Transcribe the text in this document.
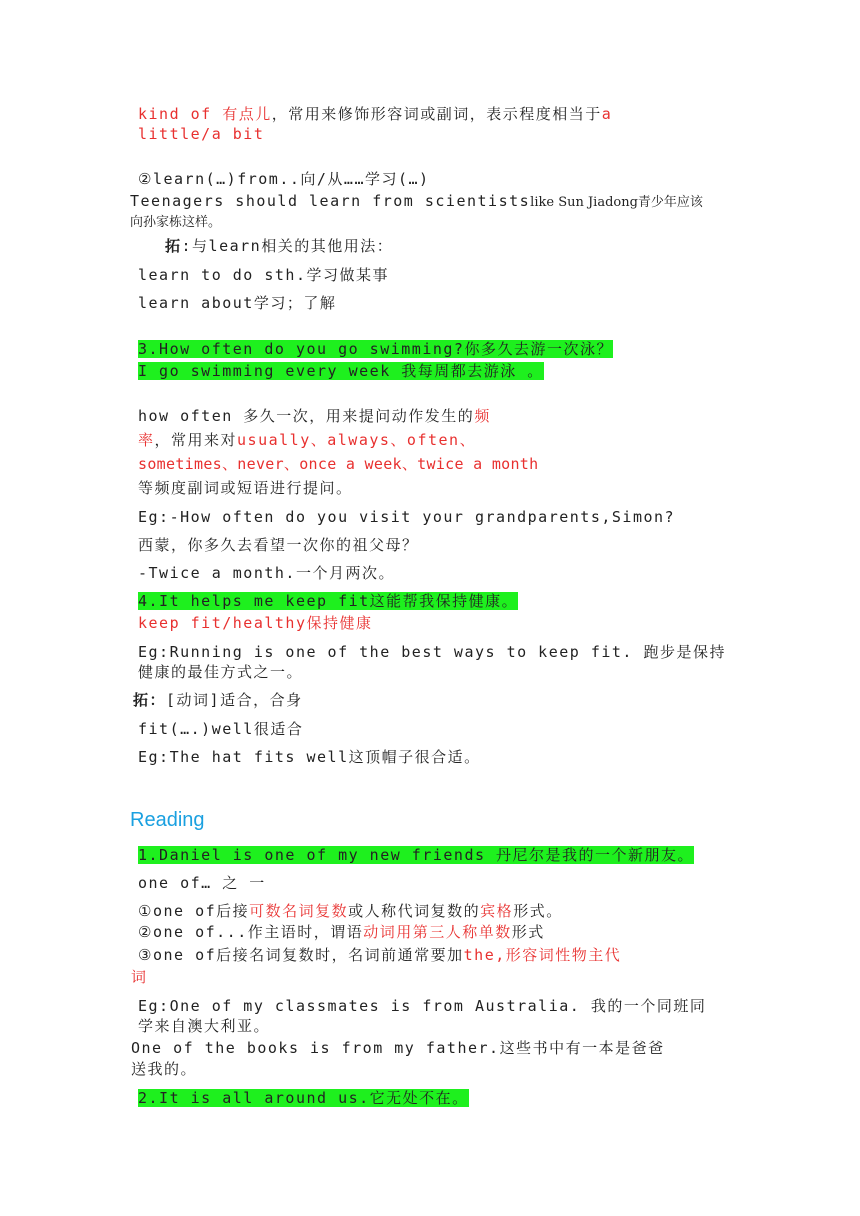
kind of 有点儿，常用来修饰形容词或副词，表示程度相当于a
little/a bit
②learn(…)from..向/从……学习(…)
Teenagers should learn from scientistslike Sun Jiadong青少年应该
向孙家栋这样。
拓:与learn相关的其他用法：
learn to do sth.学习做某事
learn about学习；了解
3.How often do you go swimming?你多久去游一次泳？
I go swimming every week 我每周都去游泳 。
how often 多久一次，用来提问动作发生的频
率，常用来对usually、always、often、
sometimes、never、once a week、twice a month
等频度副词或短语进行提问。
Eg:-How often do you visit your grandparents,Simon?
西蒙，你多久去看望一次你的祖父母？
-Twice a month.一个月两次。
4.It helps me keep fit这能帮我保持健康。
keep fit/healthy保持健康
Eg:Running is one of the best ways to keep fit. 跑步是保持
健康的最佳方式之一。
拓：[动词]适合，合身
fit(….)well很适合
Eg:The hat fits well这顶帽子很合适。
Reading
1.Daniel is one of my new friends 丹尼尔是我的一个新朋友。
one of… 之 一
①one of后接可数名词复数或人称代词复数的宾格形式。
②one of...作主语时，谓语动词用第三人称单数形式
③one of后接名词复数时，名词前通常要加the,形容词性物主代
词
Eg:One of my classmates is from Australia. 我的一个同班同
学来自澳大利亚。
One of the books is from my father.这些书中有一本是爸爸
送我的。
2.It is all around us.它无处不在。
